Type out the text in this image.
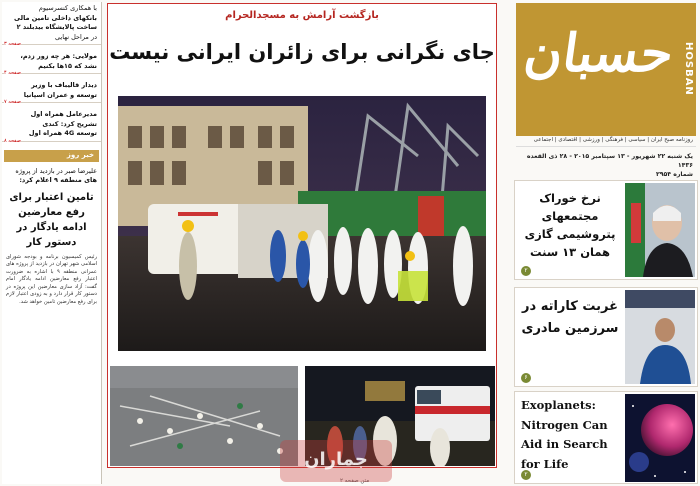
با همکاری کنسرسیوم
بانکهای داخلی تامین مالی
ساخت پالایشگاه بیدبلند ۲
در مراحل نهایی
صفحه ۳
مولایی: هر چه زور زدم،
نشد که ۱۵ها بکنیم
صفحه ۴
دیدار قالیباف با وزیر
توسعه و عمران اسپانیا
صفحه ۷
مدیرعامل همراه اول
تشریح کرد: کندی
توسعه 4G همراه اول
صفحه ۸
خبر روز
علیرضا صبر در بازدید از پروژه
های منطقه ۹ اعلام کرد:
تامین اعتبار برای رفع معارضین ادامه یادگار در دستور کار
رئیس کمیسیون برنامه و بودجه شورای اسلامی شهر تهران در بازدید از پروژه های عمرانی منطقه ۹ با اشاره به ضرورت اعتبار رفع معارضین ادامه یادگار امام گفت: آزاد سازی معارضین این پروژه در دستور کار قرار دارد و به زودی اعتبار لازم برای رفع معارضین تامین خواهد شد.
بازگشت آرامش به مسجدالحرام
جای نگرانی برای زائران ایرانی نیست
متن صفحه ۲
جماران
حسبان HOSBAN
روزنامه صبح ایران | سیاسی | فرهنگی | ورزشی | اقتصادی | اجتماعی
یک شنبه ۲۲ شهریور - ۱۳ سپتامبر ۲۰۱۵ - ۲۸ ذی القعده ۱۴۳۶
شماره ۲۹۵۴
نرخ خوراک مجتمعهای پتروشیمی گازی همان ۱۳ سنت
۲
غربت کاراته در سرزمین مادری
۶
Exoplanets: Nitrogen Can Aid in Search for Life
۲
